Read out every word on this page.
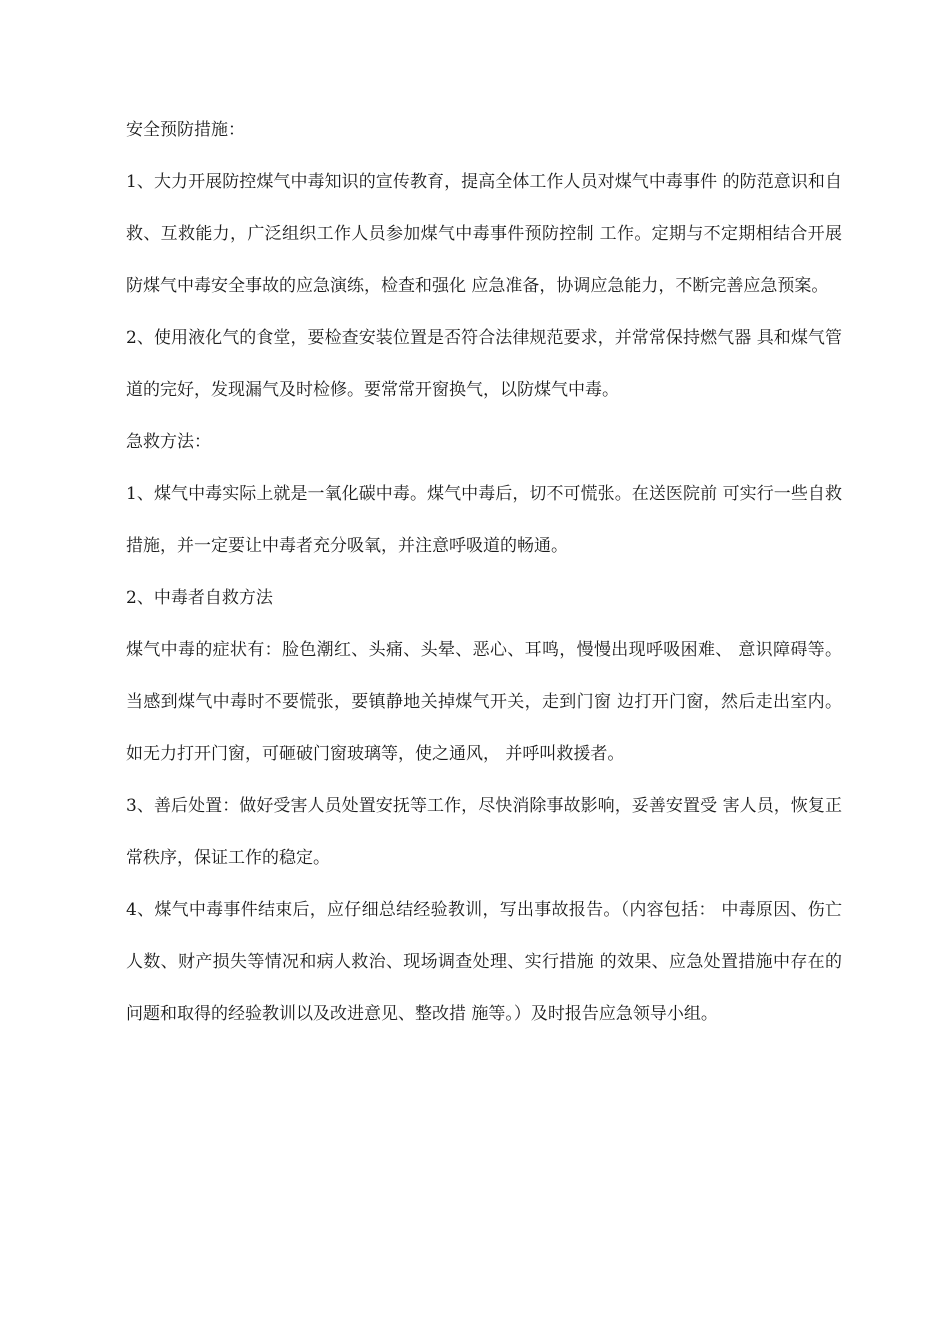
安全预防措施：

1、大力开展防控煤气中毒知识的宣传教育，提高全体工作人员对煤气中毒事件 的防范意识和自救、互救能力，广泛组织工作人员参加煤气中毒事件预防控制 工作。定期与不定期相结合开展防煤气中毒安全事故的应急演练，检查和强化 应急准备，协调应急能力，不断完善应急预案。

2、使用液化气的食堂，要检查安装位置是否符合法律规范要求，并常常保持燃气器 具和煤气管道的完好，发现漏气及时检修。要常常开窗换气，以防煤气中毒。

急救方法：

1、煤气中毒实际上就是一氧化碳中毒。煤气中毒后，切不可慌张。在送医院前 可实行一些自救措施，并一定要让中毒者充分吸氧，并注意呼吸道的畅通。

2、中毒者自救方法

煤气中毒的症状有：脸色潮红、头痛、头晕、恶心、耳鸣，慢慢出现呼吸困难、 意识障碍等。当感到煤气中毒时不要慌张，要镇静地关掉煤气开关，走到门窗 边打开门窗，然后走出室内。如无力打开门窗，可砸破门窗玻璃等，使之通风， 并呼叫救援者。

3、善后处置：做好受害人员处置安抚等工作，尽快消除事故影响，妥善安置受 害人员，恢复正常秩序，保证工作的稳定。

4、煤气中毒事件结束后，应仔细总结经验教训，写出事故报告。（内容包括： 中毒原因、伤亡人数、财产损失等情况和病人救治、现场调查处理、实行措施 的效果、应急处置措施中存在的问题和取得的经验教训以及改进意见、整改措 施等。）及时报告应急领导小组。
